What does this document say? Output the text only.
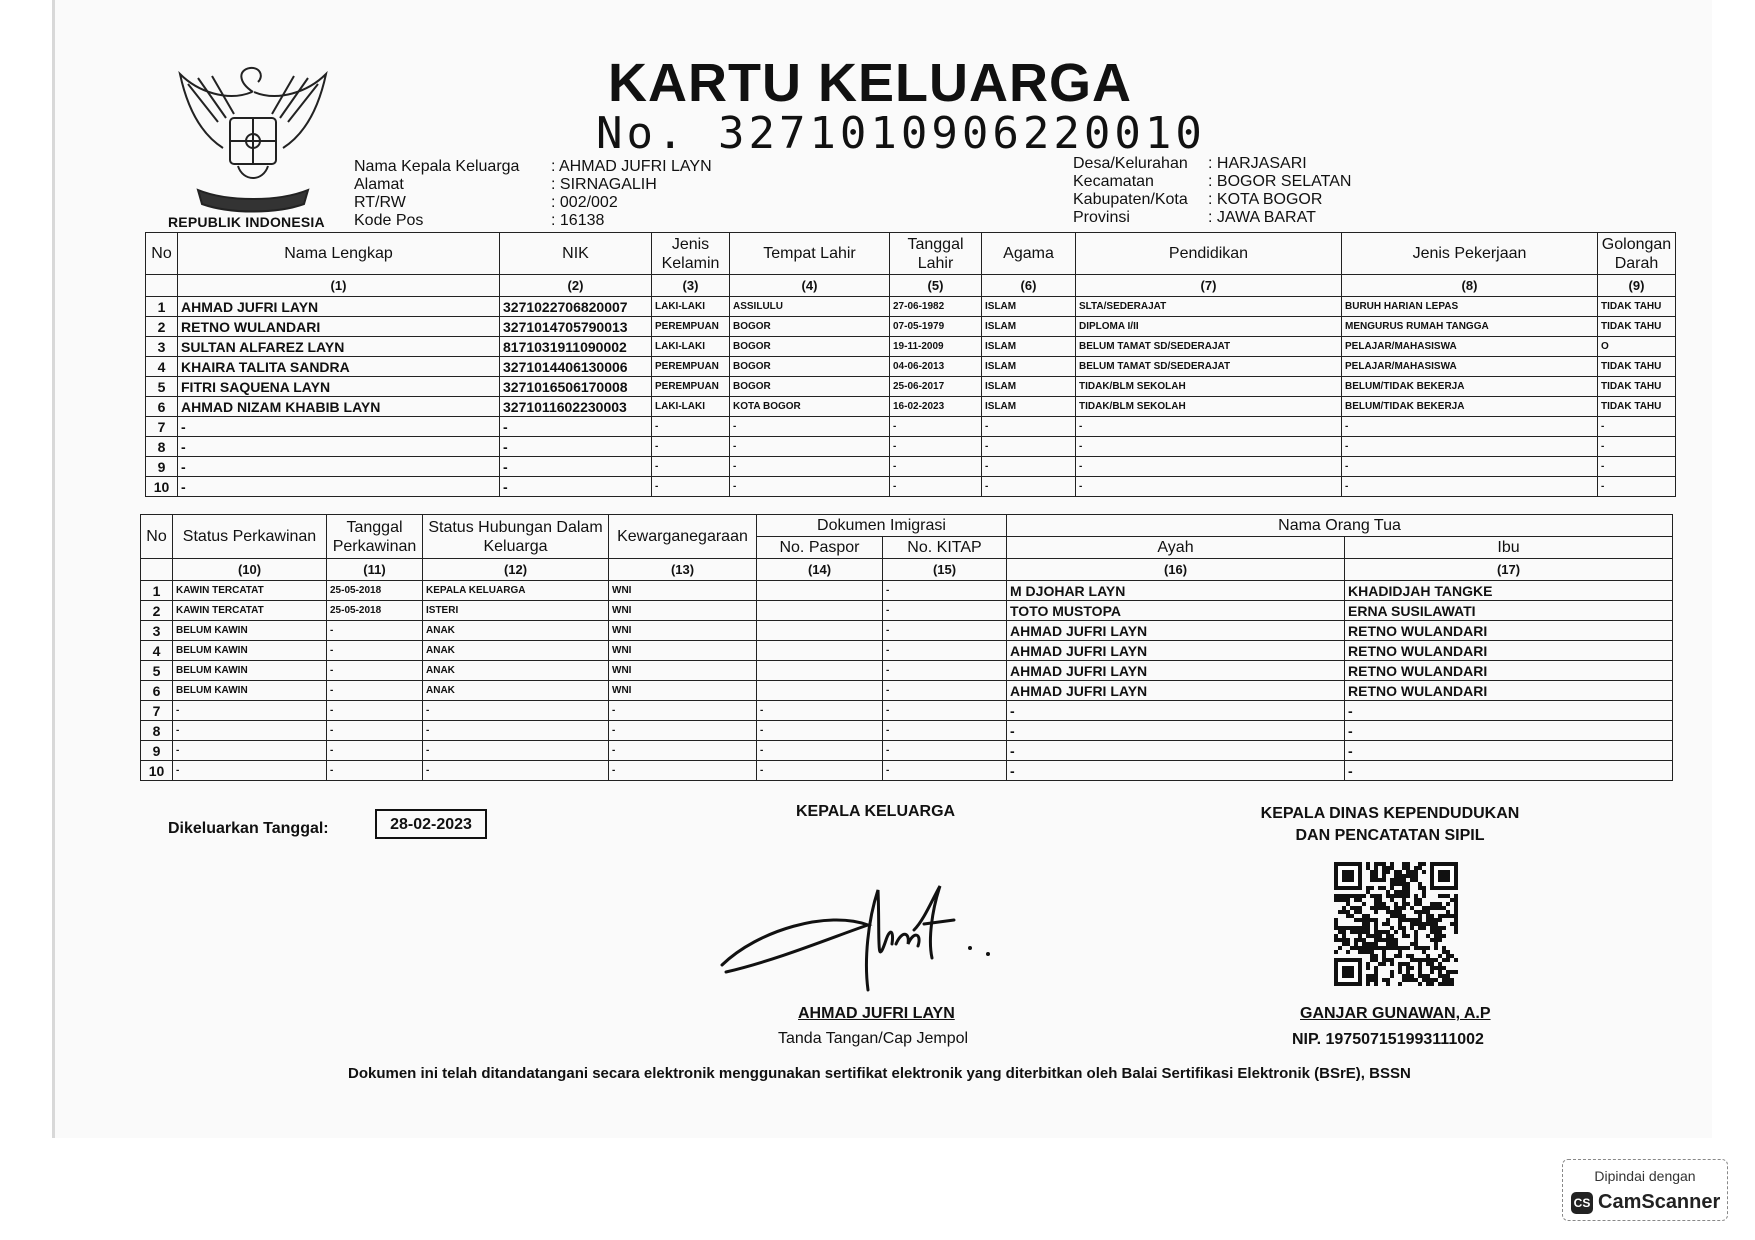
REPUBLIK INDONESIA
KARTU KELUARGA
No. 3271010906220010
Nama Kepala Keluarga	: AHMAD JUFRI LAYN
Alamat	: SIRNAGALIH
RT/RW	: 002/002
Kode Pos	: 16138
Desa/Kelurahan	: HARJASARI
Kecamatan	: BOGOR SELATAN
Kabupaten/Kota	: KOTA BOGOR
Provinsi	: JAWA BARAT
No	Nama Lengkap	NIK	Jenis Kelamin	Tempat Lahir	Tanggal Lahir	Agama	Pendidikan	Jenis Pekerjaan	Golongan Darah
	(1)	(2)	(3)	(4)	(5)	(6)	(7)	(8)	(9)
1	AHMAD JUFRI LAYN	3271022706820007	LAKI-LAKI	ASSILULU	27-06-1982	ISLAM	SLTA/SEDERAJAT	BURUH HARIAN LEPAS	TIDAK TAHU
2	RETNO WULANDARI	3271014705790013	PEREMPUAN	BOGOR	07-05-1979	ISLAM	DIPLOMA I/II	MENGURUS RUMAH TANGGA	TIDAK TAHU
3	SULTAN ALFAREZ LAYN	8171031911090002	LAKI-LAKI	BOGOR	19-11-2009	ISLAM	BELUM TAMAT SD/SEDERAJAT	PELAJAR/MAHASISWA	O
4	KHAIRA TALITA SANDRA	3271014406130006	PEREMPUAN	BOGOR	04-06-2013	ISLAM	BELUM TAMAT SD/SEDERAJAT	PELAJAR/MAHASISWA	TIDAK TAHU
5	FITRI SAQUENA LAYN	3271016506170008	PEREMPUAN	BOGOR	25-06-2017	ISLAM	TIDAK/BLM SEKOLAH	BELUM/TIDAK BEKERJA	TIDAK TAHU
6	AHMAD NIZAM KHABIB LAYN	3271011602230003	LAKI-LAKI	KOTA BOGOR	16-02-2023	ISLAM	TIDAK/BLM SEKOLAH	BELUM/TIDAK BEKERJA	TIDAK TAHU
7	-	-	-	-	-	-	-	-	-
8	-	-	-	-	-	-	-	-	-
9	-	-	-	-	-	-	-	-	-
10	-	-	-	-	-	-	-	-	-
No	Status Perkawinan	Tanggal Perkawinan	Status Hubungan Dalam Keluarga	Kewarganegaraan	Dokumen Imigrasi		Nama Orang Tua	
					No. Paspor	No. KITAP	Ayah	Ibu
	(10)	(11)	(12)	(13)	(14)	(15)	(16)	(17)
1	KAWIN TERCATAT	25-05-2018	KEPALA KELUARGA	WNI		-	M DJOHAR LAYN	KHADIDJAH TANGKE
2	KAWIN TERCATAT	25-05-2018	ISTERI	WNI		-	TOTO MUSTOPA	ERNA SUSILAWATI
3	BELUM KAWIN	-	ANAK	WNI		-	AHMAD JUFRI LAYN	RETNO WULANDARI
4	BELUM KAWIN	-	ANAK	WNI		-	AHMAD JUFRI LAYN	RETNO WULANDARI
5	BELUM KAWIN	-	ANAK	WNI		-	AHMAD JUFRI LAYN	RETNO WULANDARI
6	BELUM KAWIN	-	ANAK	WNI		-	AHMAD JUFRI LAYN	RETNO WULANDARI
7	-	-	-	-	-	-	-	-
8	-	-	-	-	-	-	-	-
9	-	-	-	-	-	-	-	-
10	-	-	-	-	-	-	-	-
Dikeluarkan Tanggal:	28-02-2023
KEPALA KELUARGA
AHMAD JUFRI LAYN
Tanda Tangan/Cap Jempol
KEPALA DINAS KEPENDUDUKAN
DAN PENCATATAN SIPIL
GANJAR GUNAWAN, A.P
NIP. 197507151993111002
Dokumen ini telah ditandatangani secara elektronik menggunakan sertifikat elektronik yang diterbitkan oleh Balai Sertifikasi Elektronik (BSrE), BSSN
Dipindai dengan
CS CamScanner
